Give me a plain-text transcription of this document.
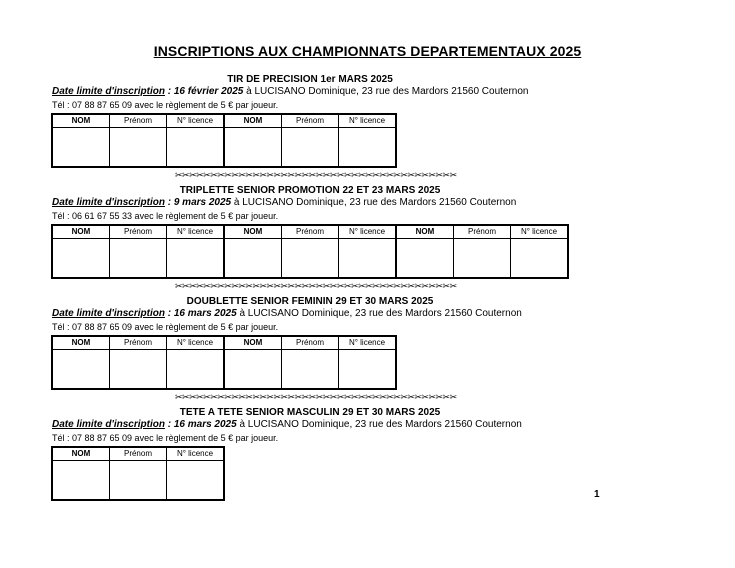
INSCRIPTIONS AUX CHAMPIONNATS DEPARTEMENTAUX 2025
TIR DE PRECISION 1er MARS 2025
Date limite d'inscription : 16 février 2025 à LUCISANO Dominique, 23 rue des Mardors 21560 Couternon
Tél : 07 88 87 65 09 avec le règlement de 5 € par joueur.
NOM	Prénom	N° licence	NOM	Prénom	N° licence

✂✂✂✂✂✂✂✂✂✂✂✂✂✂✂✂✂✂✂✂✂✂✂✂✂✂✂✂✂✂✂✂✂✂✂✂✂✂✂✂
TRIPLETTE SENIOR PROMOTION 22 ET 23 MARS 2025
Date limite d'inscription : 9 mars 2025 à LUCISANO Dominique, 23 rue des Mardors 21560 Couternon
Tél : 06 61 67 55 33 avec le règlement de 5 € par joueur.
NOM	Prénom	N° licence	NOM	Prénom	N° licence	NOM	Prénom	N° licence

✂✂✂✂✂✂✂✂✂✂✂✂✂✂✂✂✂✂✂✂✂✂✂✂✂✂✂✂✂✂✂✂✂✂✂✂✂✂✂✂
DOUBLETTE SENIOR FEMININ 29 ET 30 MARS 2025
Date limite d'inscription : 16 mars 2025 à LUCISANO Dominique, 23 rue des Mardors 21560 Couternon
Tél : 07 88 87 65 09 avec le règlement de 5 € par joueur.
NOM	Prénom	N° licence	NOM	Prénom	N° licence

✂✂✂✂✂✂✂✂✂✂✂✂✂✂✂✂✂✂✂✂✂✂✂✂✂✂✂✂✂✂✂✂✂✂✂✂✂✂✂✂
TETE A TETE SENIOR MASCULIN 29 ET 30 MARS 2025
Date limite d'inscription : 16 mars 2025 à LUCISANO Dominique, 23 rue des Mardors 21560 Couternon
Tél : 07 88 87 65 09 avec le règlement de 5 € par joueur.
NOM	Prénom	N° licence

1
